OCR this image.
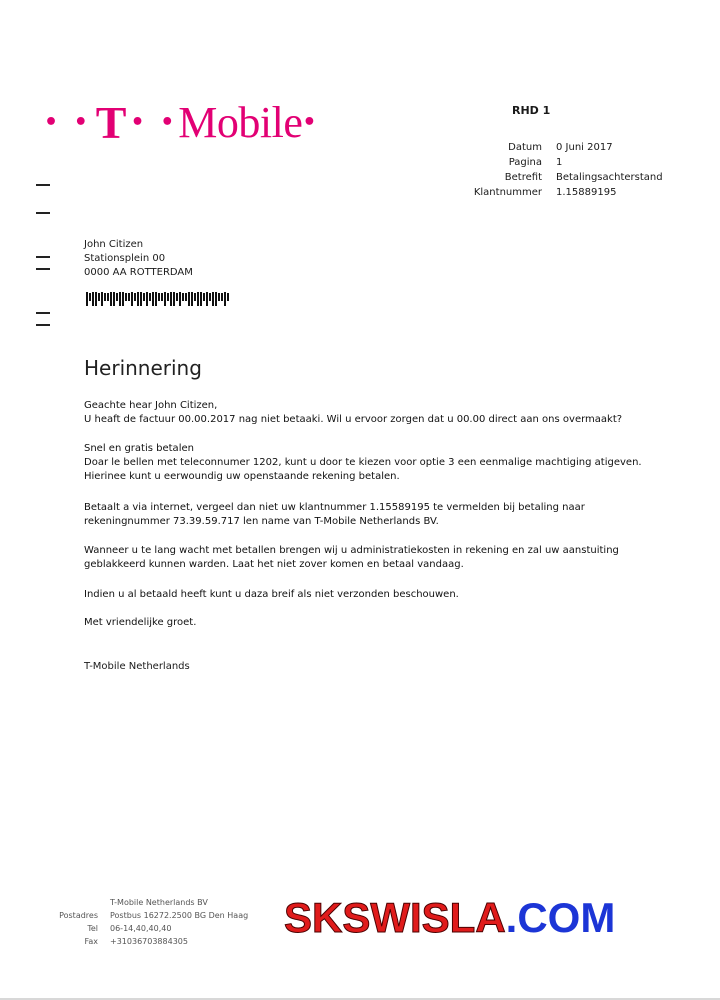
• • T • • Mobile •	RHD 1
Datum
Pagina
Betrefit
Klantnummer
0 Juni 2017
1
Betalingsachterstand
1.15889195
John Citizen
Stationsplein 00
0000 AA ROTTERDAM
Herinnering

Geachte hear John Citizen,

U heaft de factuur 00.00.2017 nag niet betaaki. Wil u ervoor zorgen dat u 00.00 direct aan ons overmaakt?

Snel en gratis betalen

Doar le bellen met teleconnumer 1202, kunt u door te kiezen voor optie 3 een eenmalige machtiging atigeven. Hierinee kunt u eerwoundig uw openstaande rekening betalen.

Betaalt a via internet, vergeel dan niet uw klantnummer 1.15589195 te vermelden bij betaling naar rekeningnummer 73.39.59.717 len name van T-Mobile Netherlands BV.
Wanneer u te lang wacht met betallen brengen wij u administratiekosten in rekening en zal uw aanstuiting geblakkeerd kunnen warden. Laat het niet zover komen en betaal vandaag.
Indien u al betaald heeft kunt u daza breif als niet verzonden beschouwen.
Met vriendelijke groet.
T-Mobile Netherlands

Postadres
Tel
Fax
T-Mobile Netherlands BV
Postbus 16272.2500 BG Den Haag
06-14,40,40,40
+31036703884305
SKSWISLA.COM
